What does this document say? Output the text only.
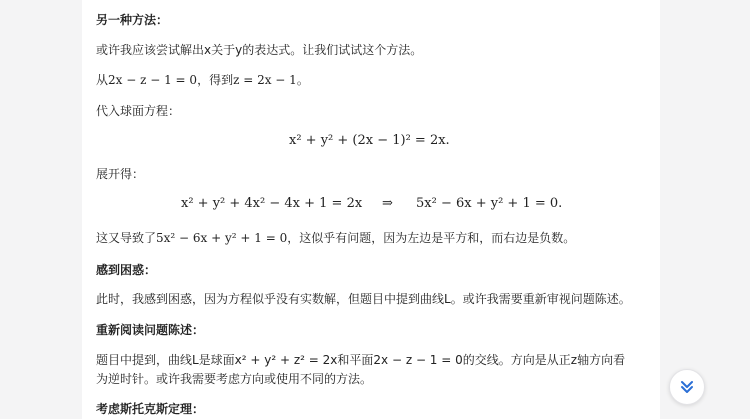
另一种方法：
或许我应该尝试解出x关于y的表达式。让我们试试这个方法。
从2x − z − 1 = 0，得到z = 2x − 1。
代入球面方程：
x² + y² + (2x − 1)² = 2x.
展开得：
x² + y² + 4x² − 4x + 1 = 2x ⇒ 5x² − 6x + y² + 1 = 0.
这又导致了5x² − 6x + y² + 1 = 0，这似乎有问题，因为左边是平方和，而右边是负数。
感到困惑：
此时，我感到困惑，因为方程似乎没有实数解，但题目中提到曲线L。或许我需要重新审视问题陈述。
重新阅读问题陈述：
题目中提到，曲线L是球面x² + y² + z² = 2x和平面2x − z − 1 = 0的交线。方向是从正z轴方向看
为逆时针。或许我需要考虑方向或使用不同的方法。
考虑斯托克斯定理：
